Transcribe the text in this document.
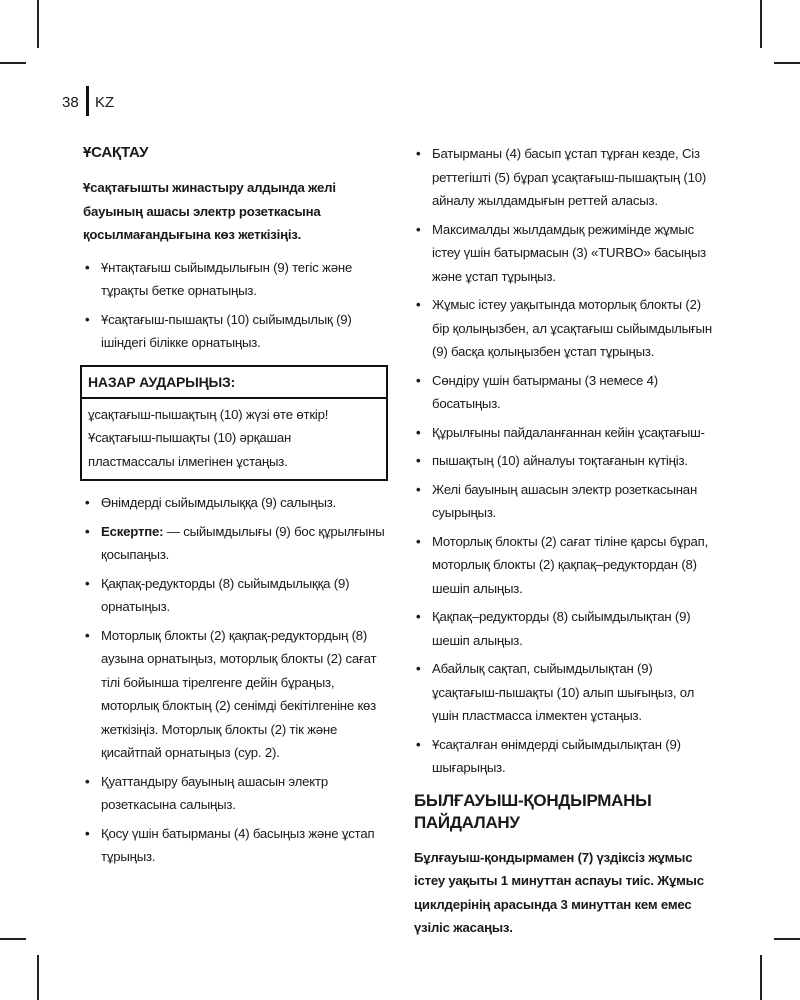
38 KZ
ҰСАҚТАУ

Ұсақтағышты жинастыру алдында желі бауының ашасы электр розеткасына қосылмағандығына көз жеткізіңіз.

• Ұнтақтағыш сыйымдылығын (9) тегіс және тұрақты бетке орнатыңыз.
• Ұсақтағыш-пышақты (10) сыйымдылық (9) ішіндегі білікке орнатыңыз.
НАЗАР АУДАРЫҢЫЗ:
ұсақтағыш-пышақтың (10) жүзі өте өткір! Ұсақтағыш-пышақты (10) әрқашан пластмассалы ілмегінен ұстаңыз.
• Өнімдерді сыйымдылыққа (9) салыңыз.
• Ескертпе: — сыйымдылығы (9) бос құрылғыны қосыпаңыз.
• Қақпақ-редукторды (8) сыйымдылыққа (9) орнатыңыз.
• Моторлық блокты (2) қақпақ-редуктордың (8) аузына орнатыңыз, моторлық блокты (2) сағат тілі бойынша тірелгенге дейін бұраңыз, моторлық блоктың (2) сенімді бекітілгеніне көз жеткізіңіз. Моторлық блокты (2) тік және қисайтпай орнатыңыз (сур. 2).
• Қуаттандыру бауының ашасын электр розеткасына салыңыз.
• Қосу үшін батырманы (4) басыңыз және ұстап тұрыңыз.
• Батырманы (4) басып ұстап тұрған кезде, Сіз реттегішті (5) бұрап ұсақтағыш-пышақтың (10) айналу жылдамдығын реттей аласыз.
• Максималды жылдамдық режимінде жұмыс істеу үшін батырмасын (3) «TURBO» басыңыз және ұстап тұрыңыз.
• Жұмыс істеу уақытында моторлық блокты (2) бір қолыңызбен, ал ұсақтағыш сыйымдылығын (9) басқа қолыңызбен ұстап тұрыңыз.
• Сөндіру үшін батырманы (3 немесе 4) босатыңыз.
• Құрылғыны пайдаланғаннан кейін ұсақтағыш-
• пышақтың (10) айналуы тоқтағанын күтіңіз.
• Желі бауының ашасын электр розеткасынан суырыңыз.
• Моторлық блокты (2) сағат тіліне қарсы бұрап, моторлық блокты (2) қақпақ–редуктордан (8) шешіп алыңыз.
• Қақпақ–редукторды (8) сыйымдылықтан (9) шешіп алыңыз.
• Абайлық сақтап, сыйымдылықтан (9) ұсақтағыш-пышақты (10) алып шығыңыз, ол үшін пластмасса ілмектен ұстаңыз.
• Ұсақталған өнімдерді сыйымдылықтан (9) шығарыңыз.
БЫЛҒАУЫШ-ҚОНДЫРМАНЫ ПАЙДАЛАНУ

Бұлғауыш-қондырмамен (7) үздіксіз жұмыс істеу уақыты 1 минуттан аспауы тиіс. Жұмыс циклдерінің арасында 3 минуттан кем емес үзіліс жасаңыз.
